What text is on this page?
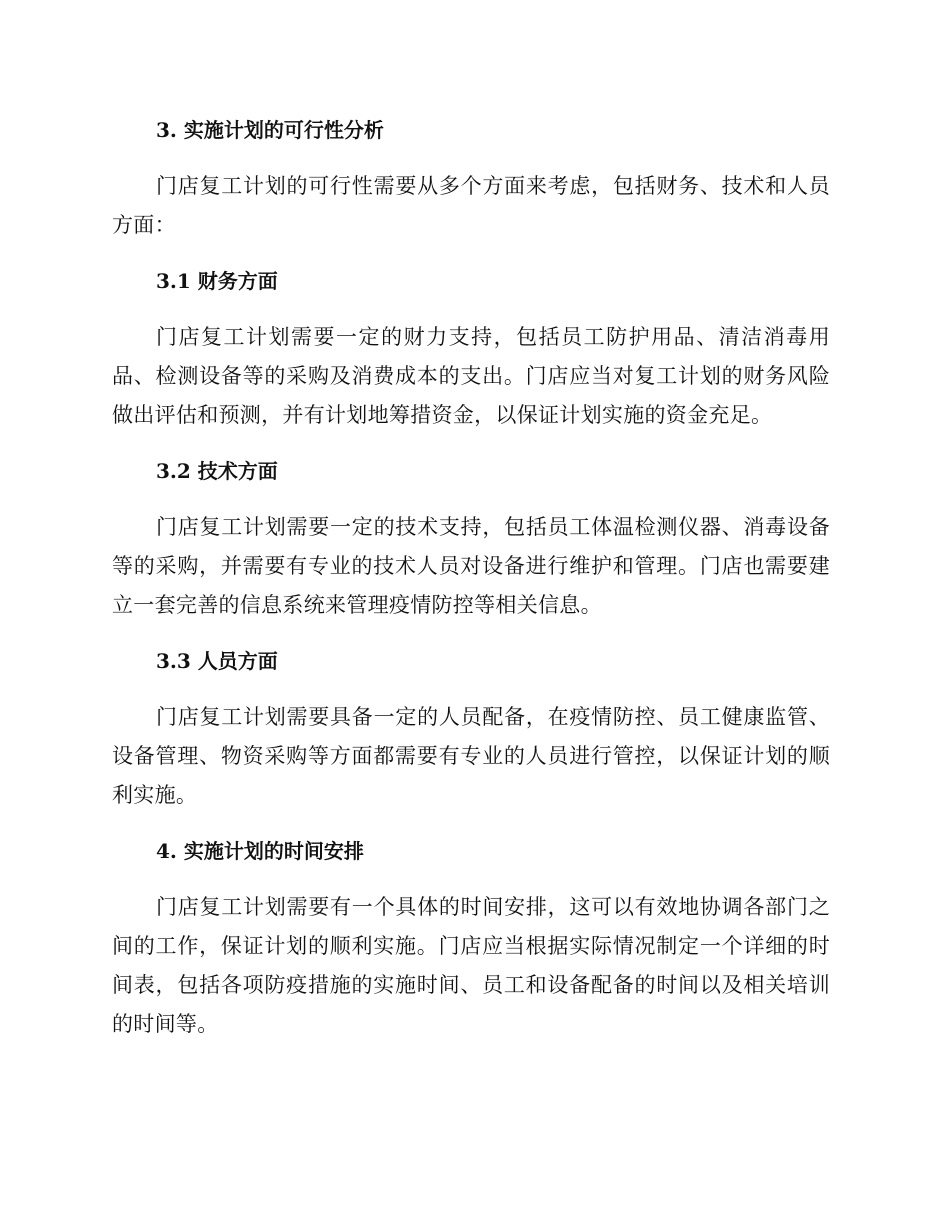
3. 实施计划的可行性分析

门店复工计划的可行性需要从多个方面来考虑，包括财务、技术和人员方面：

3.1 财务方面

门店复工计划需要一定的财力支持，包括员工防护用品、清洁消毒用品、检测设备等的采购及消费成本的支出。门店应当对复工计划的财务风险做出评估和预测，并有计划地筹措资金，以保证计划实施的资金充足。

3.2 技术方面

门店复工计划需要一定的技术支持，包括员工体温检测仪器、消毒设备等的采购，并需要有专业的技术人员对设备进行维护和管理。门店也需要建立一套完善的信息系统来管理疫情防控等相关信息。

3.3 人员方面

门店复工计划需要具备一定的人员配备，在疫情防控、员工健康监管、设备管理、物资采购等方面都需要有专业的人员进行管控，以保证计划的顺利实施。

4. 实施计划的时间安排

门店复工计划需要有一个具体的时间安排，这可以有效地协调各部门之间的工作，保证计划的顺利实施。门店应当根据实际情况制定一个详细的时间表，包括各项防疫措施的实施时间、员工和设备配备的时间以及相关培训的时间等。
